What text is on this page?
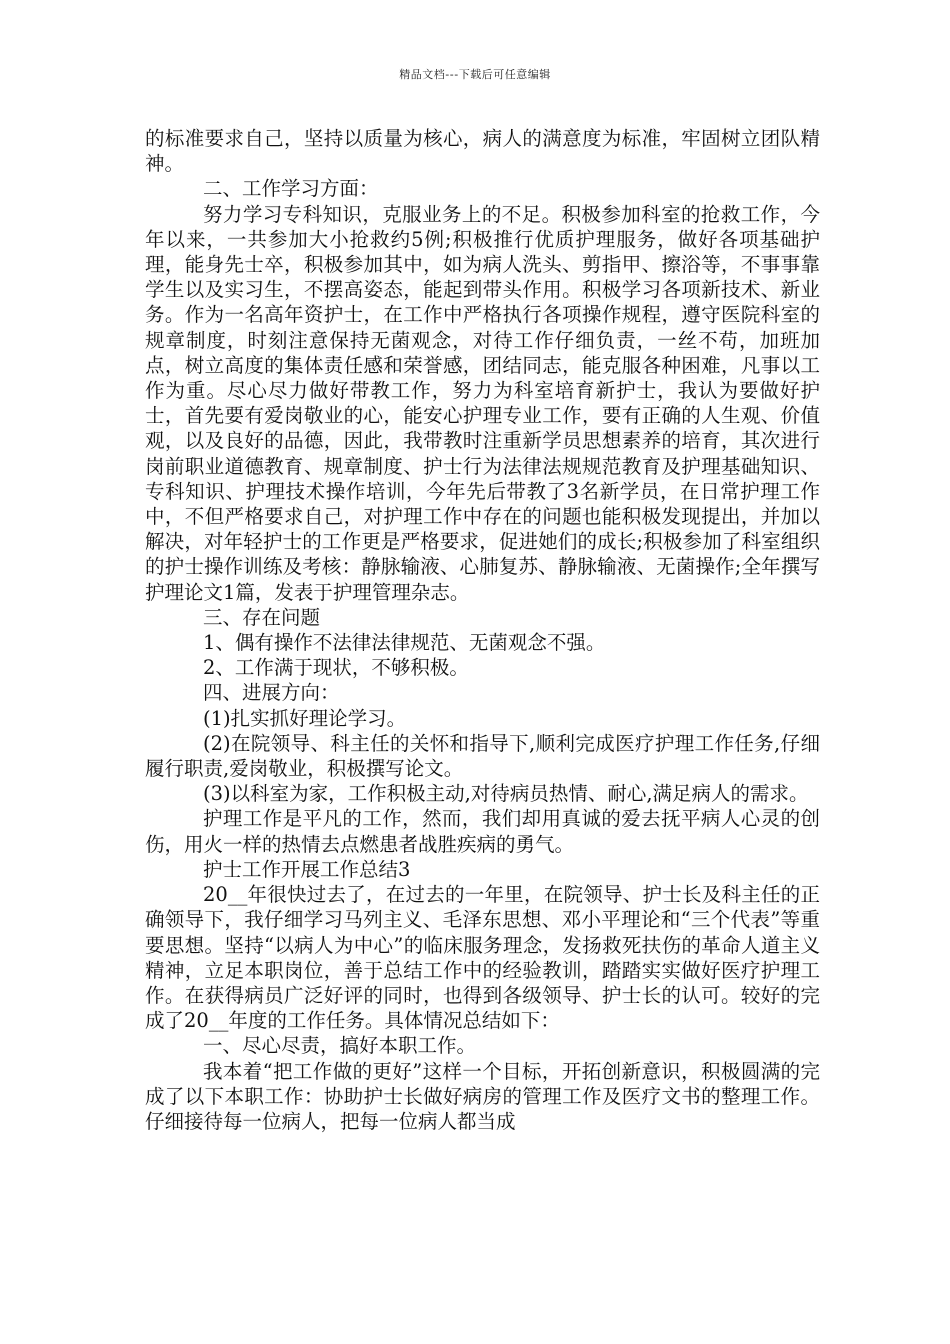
精品文档---下载后可任意编辑

的标准要求自己，坚持以质量为核心，病人的满意度为标准，牢固树立团队精神。

二、工作学习方面：

努力学习专科知识，克服业务上的不足。积极参加科室的抢救工作，今年以来，一共参加大小抢救约5例;积极推行优质护理服务，做好各项基础护理，能身先士卒，积极参加其中，如为病人洗头、剪指甲、擦浴等，不事事靠学生以及实习生，不摆高姿态，能起到带头作用。积极学习各项新技术、新业务。作为一名高年资护士，在工作中严格执行各项操作规程，遵守医院科室的规章制度，时刻注意保持无菌观念，对待工作仔细负责，一丝不苟，加班加点，树立高度的集体责任感和荣誉感，团结同志，能克服各种困难，凡事以工作为重。尽心尽力做好带教工作，努力为科室培育新护士，我认为要做好护士，首先要有爱岗敬业的心，能安心护理专业工作，要有正确的人生观、价值观，以及良好的品德，因此，我带教时注重新学员思想素养的培育，其次进行岗前职业道德教育、规章制度、护士行为法律法规规范教育及护理基础知识、专科知识、护理技术操作培训，今年先后带教了3名新学员，在日常护理工作中，不但严格要求自己，对护理工作中存在的问题也能积极发现提出，并加以解决，对年轻护士的工作更是严格要求，促进她们的成长;积极参加了科室组织的护士操作训练及考核：静脉输液、心肺复苏、静脉输液、无菌操作;全年撰写护理论文1篇，发表于护理管理杂志。

三、存在问题

1、偶有操作不法律法律规范、无菌观念不强。

2、工作满于现状，不够积极。

四、进展方向：

(1)扎实抓好理论学习。

(2)在院领导、科主任的关怀和指导下,顺利完成医疗护理工作任务,仔细履行职责,爱岗敬业，积极撰写论文。

(3)以科室为家，工作积极主动,对待病员热情、耐心,满足病人的需求。

护理工作是平凡的工作，然而，我们却用真诚的爱去抚平病人心灵的创伤，用火一样的热情去点燃患者战胜疾病的勇气。

护士工作开展工作总结3

20__年很快过去了，在过去的一年里，在院领导、护士长及科主任的正确领导下，我仔细学习马列主义、毛泽东思想、邓小平理论和“三个代表”等重要思想。坚持“以病人为中心”的临床服务理念，发扬救死扶伤的革命人道主义精神，立足本职岗位，善于总结工作中的经验教训，踏踏实实做好医疗护理工作。在获得病员广泛好评的同时，也得到各级领导、护士长的认可。较好的完成了20__年度的工作任务。具体情况总结如下：

一、尽心尽责，搞好本职工作。

我本着“把工作做的更好”这样一个目标，开拓创新意识，积极圆满的完成了以下本职工作：协助护士长做好病房的管理工作及医疗文书的整理工作。仔细接待每一位病人，把每一位病人都当成
